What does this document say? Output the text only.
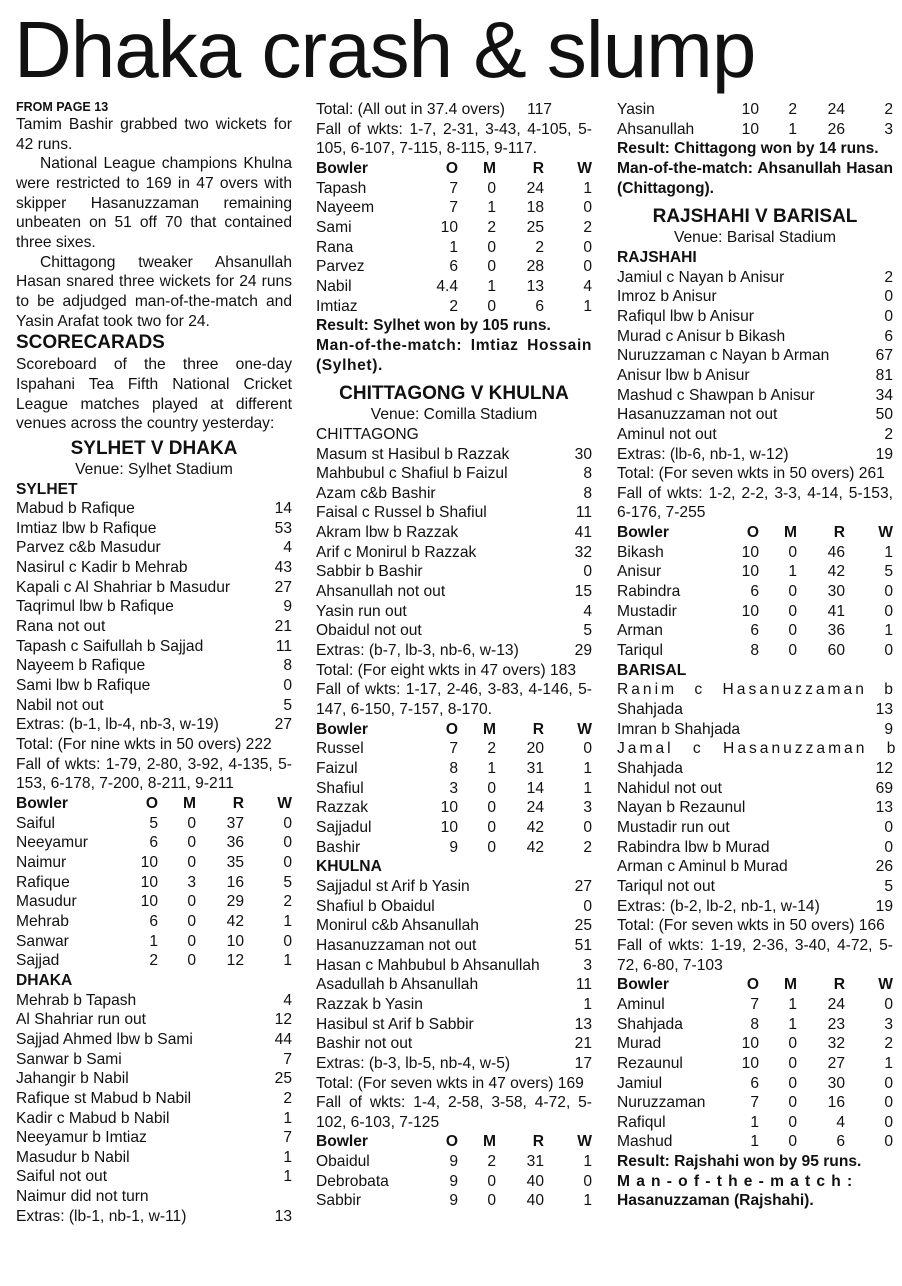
Dhaka crash & slump
FROM PAGE 13
Tamim Bashir grabbed two wickets for 42 runs.
National League champions Khulna were restricted to 169 in 47 overs with skipper Hasanuzzaman remaining unbeaten on 51 off 70 that contained three sixes.
Chittagong tweaker Ahsanullah Hasan snared three wickets for 24 runs to be adjudged man-of-the-match and Yasin Arafat took two for 24.
SCORECARADS
Scoreboard of the three one-day Ispahani Tea Fifth National Cricket League matches played at different venues across the country yesterday:
SYLHET V DHAKA
Venue: Sylhet Stadium
SYLHET
Mabud b Rafique	14
Imtiaz lbw b Rafique	53
Parvez c&b Masudur	4
Nasirul c Kadir b Mehrab	43
Kapali c Al Shahriar b Masudur	27
Taqrimul lbw b Rafique	9
Rana not out	21
Tapash c Saifullah b Sajjad	11
Nayeem b Rafique	8
Sami lbw b Rafique	0
Nabil not out	5
Extras: (b-1, lb-4, nb-3, w-19)	27
Total: (For nine wkts in 50 overs) 222
Fall of wkts: 1-79, 2-80, 3-92, 4-135, 5-153, 6-178, 7-200, 8-211, 9-211
Bowler	O	M	R	W
Saiful	5	0	37	0
Neeyamur	6	0	36	0
Naimur	10	0	35	0
Rafique	10	3	16	5
Masudur	10	0	29	2
Mehrab	6	0	42	1
Sanwar	1	0	10	0
Sajjad	2	0	12	1
DHAKA
Mehrab b Tapash	4
Al Shahriar run out	12
Sajjad Ahmed lbw b Sami	44
Sanwar b Sami	7
Jahangir b Nabil	25
Rafique st Mabud b Nabil	2
Kadir c Mabud b Nabil	1
Neeyamur b Imtiaz	7
Masudur b Nabil	1
Saiful not out	1
Naimur did not turn
Extras: (lb-1, nb-1, w-11)	13
Total: (All out in 37.4 overs) 117
Fall of wkts: 1-7, 2-31, 3-43, 4-105, 5-105, 6-107, 7-115, 8-115, 9-117.
Bowler	O	M	R	W
Tapash	7	0	24	1
Nayeem	7	1	18	0
Sami	10	2	25	2
Rana	1	0	2	0
Parvez	6	0	28	0
Nabil	4.4	1	13	4
Imtiaz	2	0	6	1
Result: Sylhet won by 105 runs.
Man-of-the-match: Imtiaz Hossain (Sylhet).
CHITTAGONG V KHULNA
Venue: Comilla Stadium
CHITTAGONG
Masum st Hasibul b Razzak	30
Mahbubul c Shafiul b Faizul	8
Azam c&b Bashir	8
Faisal c Russel b Shafiul	11
Akram lbw b Razzak	41
Arif c Monirul b Razzak	32
Sabbir b Bashir	0
Ahsanullah not out	15
Yasin run out	4
Obaidul not out	5
Extras: (b-7, lb-3, nb-6, w-13)	29
Total: (For eight wkts in 47 overs) 183
Fall of wkts: 1-17, 2-46, 3-83, 4-146, 5-147, 6-150, 7-157, 8-170.
Bowler	O	M	R	W
Russel	7	2	20	0
Faizul	8	1	31	1
Shafiul	3	0	14	1
Razzak	10	0	24	3
Sajjadul	10	0	42	0
Bashir	9	0	42	2
KHULNA
Sajjadul st Arif b Yasin	27
Shafiul b Obaidul	0
Monirul c&b Ahsanullah	25
Hasanuzzaman not out	51
Hasan c Mahbubul b Ahsanullah	3
Asadullah b Ahsanullah	11
Razzak b Yasin	1
Hasibul st Arif b Sabbir	13
Bashir not out	21
Extras: (b-3, lb-5, nb-4, w-5)	17
Total: (For seven wkts in 47 overs) 169
Fall of wkts: 1-4, 2-58, 3-58, 4-72, 5-102, 6-103, 7-125
Bowler	O	M	R	W
Obaidul	9	2	31	1
Debrobata	9	0	40	0
Sabbir	9	0	40	1
Yasin	10	2	24	2
Ahsanullah	10	1	26	3
Result: Chittagong won by 14 runs.
Man-of-the-match: Ahsanullah Hasan (Chittagong).
RAJSHAHI V BARISAL
Venue: Barisal Stadium
RAJSHAHI
Jamiul c Nayan b Anisur	2
Imroz b Anisur	0
Rafiqul lbw b Anisur	0
Murad c Anisur b Bikash	6
Nuruzzaman c Nayan b Arman	67
Anisur lbw b Anisur	81
Mashud c Shawpan b Anisur	34
Hasanuzzaman not out	50
Aminul not out	2
Extras: (lb-6, nb-1, w-12)	19
Total: (For seven wkts in 50 overs) 261
Fall of wkts: 1-2, 2-2, 3-3, 4-14, 5-153, 6-176, 7-255
Bowler	O	M	R	W
Bikash	10	0	46	1
Anisur	10	1	42	5
Rabindra	6	0	30	0
Mustadir	10	0	41	0
Arman	6	0	36	1
Tariqul	8	0	60	0
BARISAL
Ranim c Hasanuzzaman b
Shahjada	13
Imran b Shahjada	9
Jamal c Hasanuzzaman b
Shahjada	12
Nahidul not out	69
Nayan b Rezaunul	13
Mustadir run out	0
Rabindra lbw b Murad	0
Arman c Aminul b Murad	26
Tariqul not out	5
Extras: (b-2, lb-2, nb-1, w-14)	19
Total: (For seven wkts in 50 overs) 166
Fall of wkts: 1-19, 2-36, 3-40, 4-72, 5-72, 6-80, 7-103
Bowler	O	M	R	W
Aminul	7	1	24	0
Shahjada	8	1	23	3
Murad	10	0	32	2
Rezaunul	10	0	27	1
Jamiul	6	0	30	0
Nuruzzaman	7	0	16	0
Rafiqul	1	0	4	0
Mashud	1	0	6	0
Result: Rajshahi won by 95 runs.
Man-of-the-match:
Hasanuzzaman (Rajshahi).
